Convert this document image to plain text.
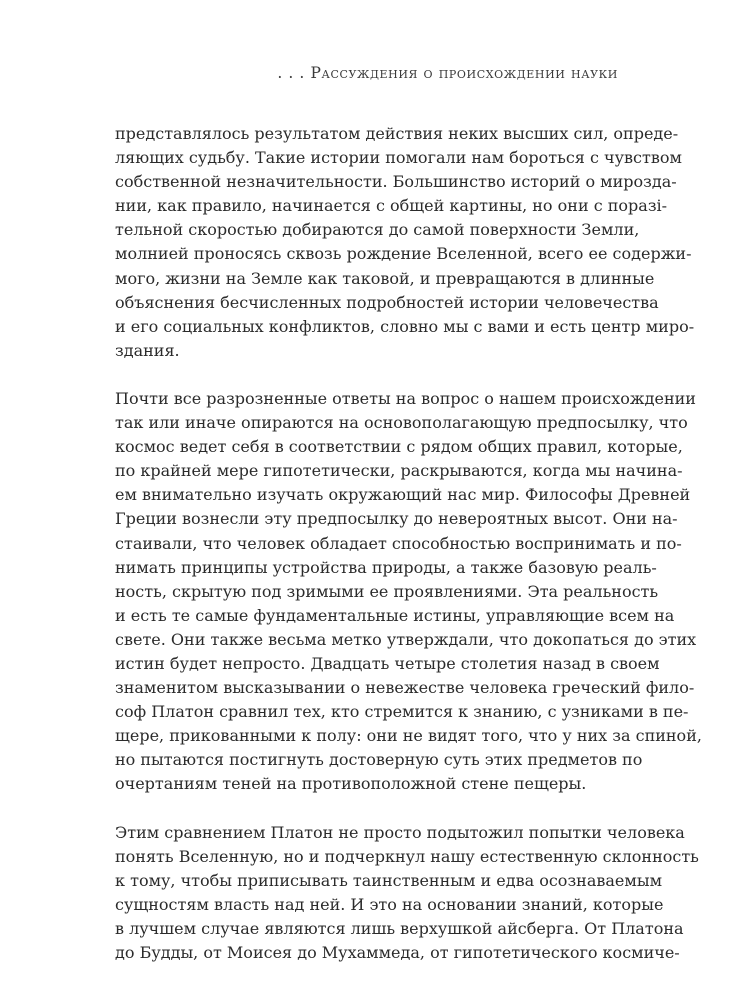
. . . Рассуждения о происхождении науки
представлялось результатом действия неких высших сил, опреде-
ляющих судьбу. Такие истории помогали нам бороться с чувством
собственной незначительности. Большинство историй о мирозда-
нии, как правило, начинается с общей картины, но они с поразі-
тельной скоростью добираются до самой поверхности Земли,
молнией проносясь сквозь рождение Вселенной, всего ее содержи-
мого, жизни на Земле как таковой, и превращаются в длинные
объяснения бесчисленных подробностей истории человечества
и его социальных конфликтов, словно мы с вами и есть центр миро-
здания.
Почти все разрозненные ответы на вопрос о нашем происхождении
так или иначе опираются на основополагающую предпосылку, что
космос ведет себя в соответствии с рядом общих правил, которые,
по крайней мере гипотетически, раскрываются, когда мы начина-
ем внимательно изучать окружающий нас мир. Философы Древней
Греции вознесли эту предпосылку до невероятных высот. Они на-
стаивали, что человек обладает способностью воспринимать и по-
нимать принципы устройства природы, а также базовую реаль-
ность, скрытую под зримыми ее проявлениями. Эта реальность
и есть те самые фундаментальные истины, управляющие всем на
свете. Они также весьма метко утверждали, что докопаться до этих
истин будет непросто. Двадцать четыре столетия назад в своем
знаменитом высказывании о невежестве человека греческий фило-
соф Платон сравнил тех, кто стремится к знанию, с узниками в пе-
щере, прикованными к полу: они не видят того, что у них за спиной,
но пытаются постигнуть достоверную суть этих предметов по
очертаниям теней на противоположной стене пещеры.
Этим сравнением Платон не просто подытожил попытки человека
понять Вселенную, но и подчеркнул нашу естественную склонность
к тому, чтобы приписывать таинственным и едва осознаваемым
сущностям власть над ней. И это на основании знаний, которые
в лучшем случае являются лишь верхушкой айсберга. От Платона
до Будды, от Моисея до Мухаммеда, от гипотетического космиче-
